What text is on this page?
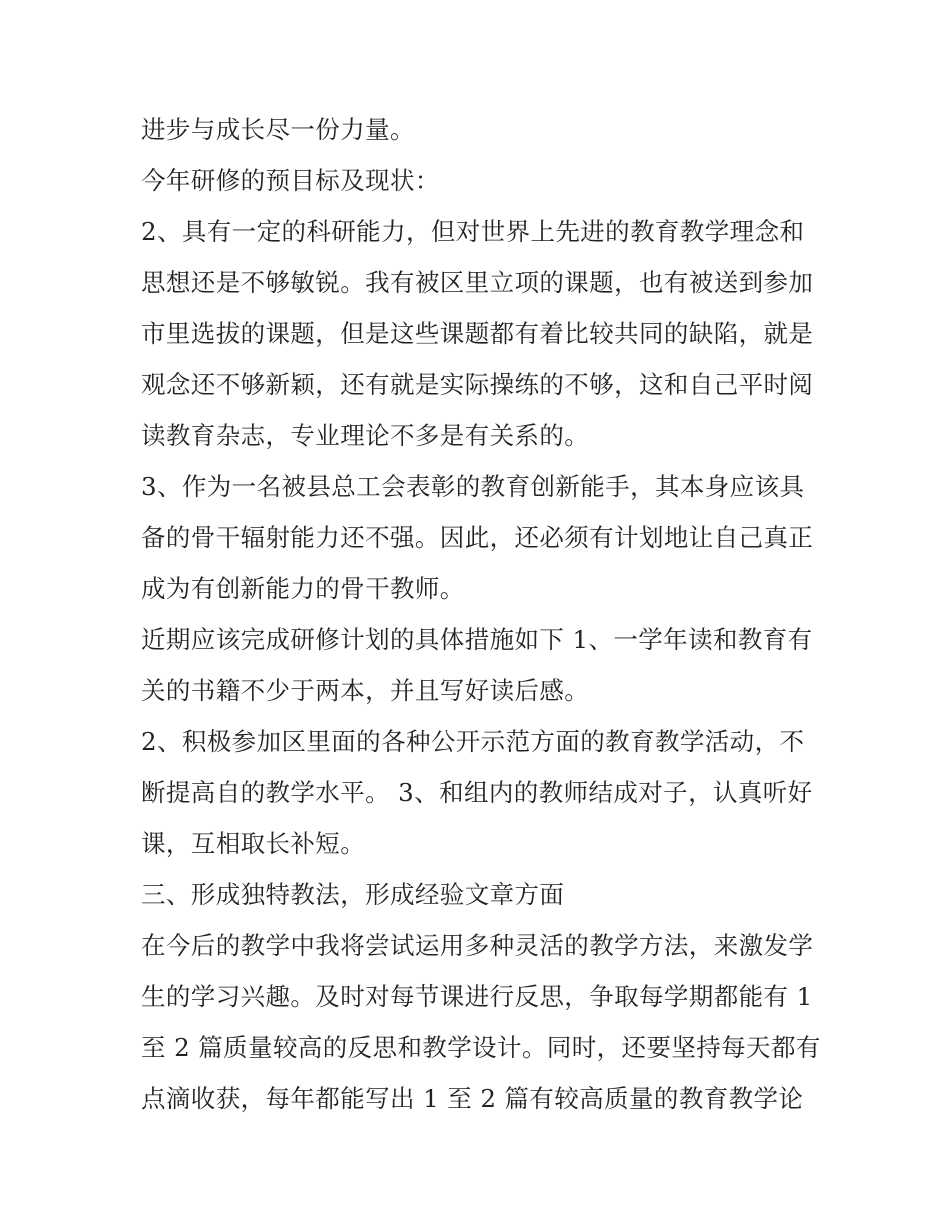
进步与成长尽一份力量。
今年研修的预目标及现状：
2、具有一定的科研能力，但对世界上先进的教育教学理念和
思想还是不够敏锐。我有被区里立项的课题，也有被送到参加
市里选拔的课题，但是这些课题都有着比较共同的缺陷，就是
观念还不够新颖，还有就是实际操练的不够，这和自己平时阅
读教育杂志，专业理论不多是有关系的。
3、作为一名被县总工会表彰的教育创新能手，其本身应该具
备的骨干辐射能力还不强。因此，还必须有计划地让自己真正
成为有创新能力的骨干教师。
近期应该完成研修计划的具体措施如下 1、一学年读和教育有
关的书籍不少于两本，并且写好读后感。
2、积极参加区里面的各种公开示范方面的教育教学活动，不
断提高自的教学水平。 3、和组内的教师结成对子，认真听好
课，互相取长补短。
三、形成独特教法，形成经验文章方面
在今后的教学中我将尝试运用多种灵活的教学方法，来激发学
生的学习兴趣。及时对每节课进行反思，争取每学期都能有 1
至 2 篇质量较高的反思和教学设计。同时，还要坚持每天都有
点滴收获，每年都能写出 1 至 2 篇有较高质量的教育教学论
